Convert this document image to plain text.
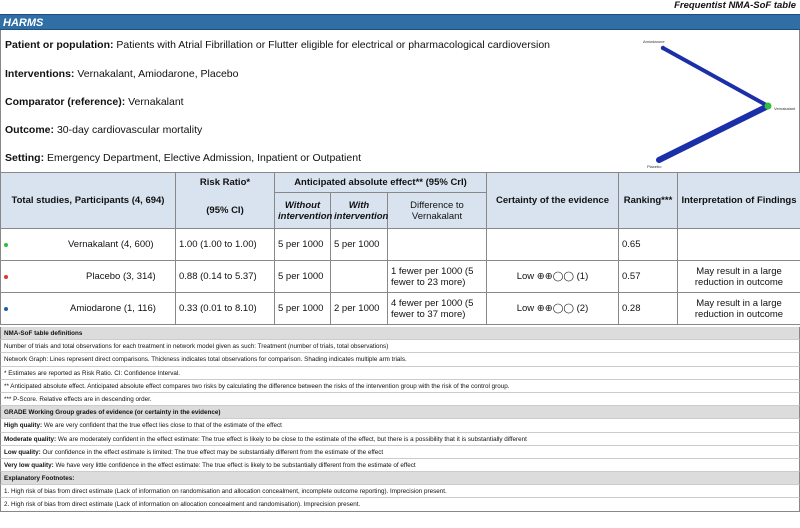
Frequentist NMA-SoF table
HARMS
Patient or population: Patients with Atrial Fibrillation or Flutter eligible for electrical or pharmacological cardioversion
Interventions: Vernakalant, Amiodarone, Placebo
Comparator (reference): Vernakalant
Outcome: 30-day cardiovascular mortality
Setting: Emergency Department, Elective Admission, Inpatient or Outpatient
Amiodarone
Vernakalant
Placebo
Total studies, Participants (4, 694)	Risk Ratio*	Anticipated absolute effect** (95% CrI)			Certainty of the evidence	Ranking***	Interpretation of Findings
	(95% CI)	Without intervention	With intervention	Difference to Vernakalant			
Vernakalant (4, 600)	1.00 (1.00 to 1.00)	5 per 1000	5 per 1000			0.65	
Placebo (3, 314)	0.88 (0.14 to 5.37)	5 per 1000		1 fewer per 1000 (5 fewer to 23 more)	Low ⊕⊕◯◯ (1)	0.57	May result in a large reduction in outcome
Amiodarone (1, 116)	0.33 (0.01 to 8.10)	5 per 1000	2 per 1000	4 fewer per 1000 (5 fewer to 37 more)	Low ⊕⊕◯◯ (2)	0.28	May result in a large reduction in outcome
NMA-SoF table definitions
Number of trials and total observations for each treatment in network model given as such: Treatment (number of trials, total observations)
Network Graph: Lines represent direct comparisons. Thickness indicates total observations for comparison. Shading indicates multiple arm trials.
* Estimates are reported as Risk Ratio. CI: Confidence Interval.
** Anticipated absolute effect. Anticipated absolute effect compares two risks by calculating the difference between the risks of the intervention group with the risk of the control group.
*** P-Score. Relative effects are in descending order.
GRADE Working Group grades of evidence (or certainty in the evidence)
High quality: We are very confident that the true effect lies close to that of the estimate of the effect
Moderate quality: We are moderately confident in the effect estimate: The true effect is likely to be close to the estimate of the effect, but there is a possibility that it is substantially different
Low quality: Our confidence in the effect estimate is limited: The true effect may be substantially different from the estimate of the effect
Very low quality: We have very little confidence in the effect estimate: The true effect is likely to be substantially different from the estimate of effect
Explanatory Footnotes:
1. High risk of bias from direct estimate (Lack of information on randomisation and allocation concealment, incomplete outcome reporting). Imprecision present.
2. High risk of bias from direct estimate (Lack of information on allocation concealment and randomisation). Imprecision present.
